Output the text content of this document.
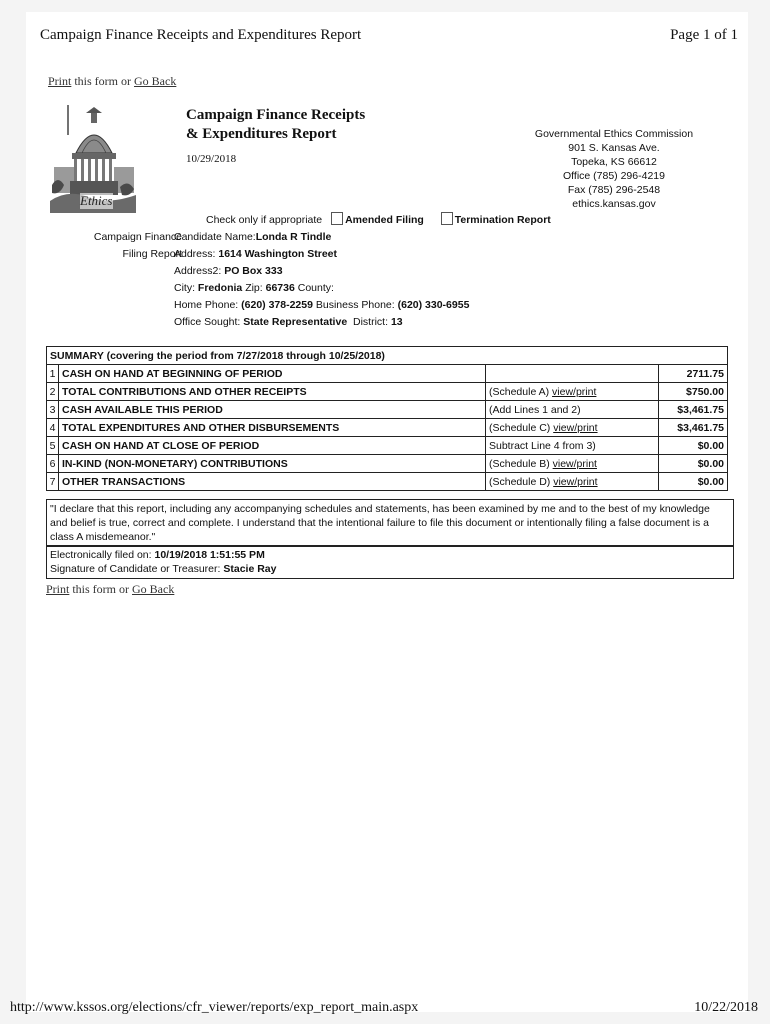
Campaign Finance Receipts and Expenditures Report	Page 1 of 1
Print this form or Go Back
Ethics
Campaign Finance Receipts
& Expenditures Report
10/29/2018
Governmental Ethics Commission
901 S. Kansas Ave.
Topeka, KS 66612
Office (785) 296-4219
Fax (785) 296-2548
ethics.kansas.gov
Check only if appropriate Amended Filing	Termination Report
Campaign Finance
Filing Report
Candidate Name:Londa R Tindle
Address: 1614 Washington Street
Address2: PO Box 333
City: Fredonia Zip: 66736 County:
Home Phone: (620) 378-2259 Business Phone: (620) 330-6955
Office Sought: State Representative District: 13
SUMMARY (covering the period from 7/27/2018 through 10/25/2018)			
1	CASH ON HAND AT BEGINNING OF PERIOD		2711.75
2	TOTAL CONTRIBUTIONS AND OTHER RECEIPTS	(Schedule A) view/print	$750.00
3	CASH AVAILABLE THIS PERIOD	(Add Lines 1 and 2)	$3,461.75
4	TOTAL EXPENDITURES AND OTHER DISBURSEMENTS	(Schedule C) view/print	$3,461.75
5	CASH ON HAND AT CLOSE OF PERIOD	Subtract Line 4 from 3)	$0.00
6	IN-KIND (NON-MONETARY) CONTRIBUTIONS	(Schedule B) view/print	$0.00
7	OTHER TRANSACTIONS	(Schedule D) view/print	$0.00
"I declare that this report, including any accompanying schedules and statements, has been examined by me and to the best of my knowledge and belief is true, correct and complete. I understand that the intentional failure to file this document or intentionally filing a false document is a class A misdemeanor."
Electronically filed on: 10/19/2018 1:51:55 PM
Signature of Candidate or Treasurer: Stacie Ray
Print this form or Go Back
http://www.kssos.org/elections/cfr_viewer/reports/exp_report_main.aspx	10/22/2018
